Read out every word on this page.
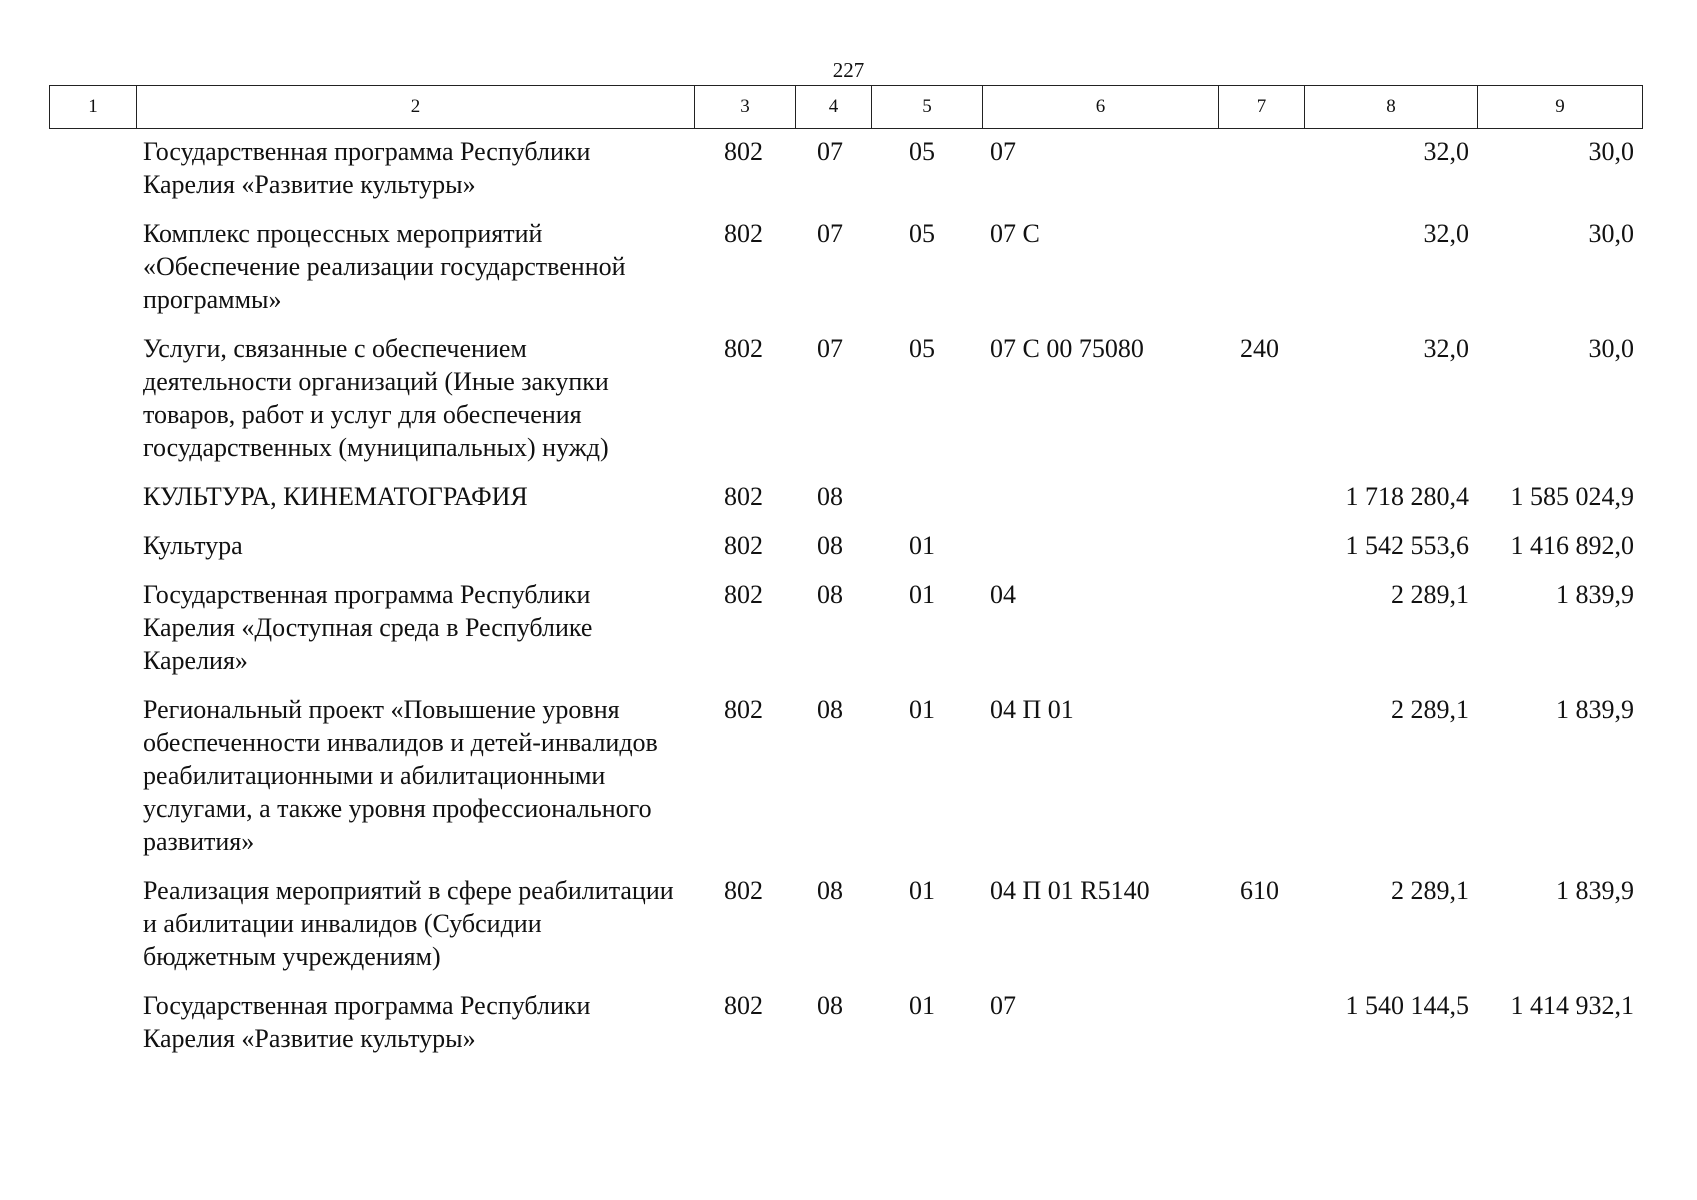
227
1	2	3	4	5	6	7	8	9
Государственная программа Республики Карелия «Развитие культуры»	802	07	05	07		32,0	30,0
Комплекс процессных мероприятий «Обеспечение реализации государственной программы»	802	07	05	07 С		32,0	30,0
Услуги, связанные с обеспечением деятельности организаций (Иные закупки товаров, работ и услуг для обеспечения государственных (муниципальных) нужд)	802	07	05	07 С 00 75080	240	32,0	30,0
КУЛЬТУРА, КИНЕМАТОГРАФИЯ	802	08				1 718 280,4	1 585 024,9
Культура	802	08	01			1 542 553,6	1 416 892,0
Государственная программа Республики Карелия «Доступная среда в Республике Карелия»	802	08	01	04		2 289,1	1 839,9
Региональный проект «Повышение уровня обеспеченности инвалидов и детей-инвалидов реабилитационными и абилитационными услугами, а также уровня профессионального развития»	802	08	01	04 П 01		2 289,1	1 839,9
Реализация мероприятий в сфере реабилитации и абилитации инвалидов (Субсидии бюджетным учреждениям)	802	08	01	04 П 01 R5140	610	2 289,1	1 839,9
Государственная программа Республики Карелия «Развитие культуры»	802	08	01	07		1 540 144,5	1 414 932,1
